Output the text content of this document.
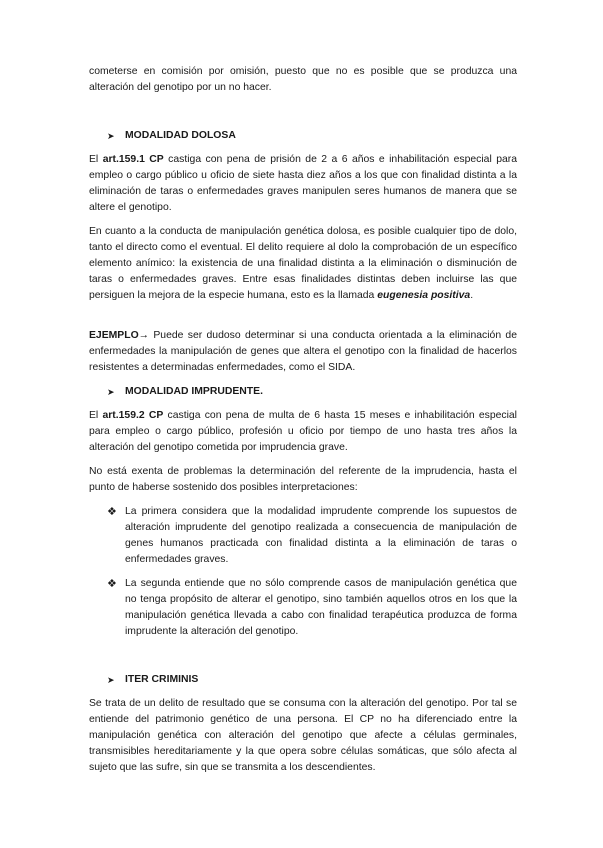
cometerse en comisión por omisión, puesto que no es posible que se produzca una alteración del genotipo por un no hacer.

➤	MODALIDAD DOLOSA

El art.159.1 CP castiga con pena de prisión de 2 a 6 años e inhabilitación especial para empleo o cargo público u oficio de siete hasta diez años a los que con finalidad distinta a la eliminación de taras o enfermedades graves manipulen seres humanos de manera que se altere el genotipo.

En cuanto a la conducta de manipulación genética dolosa, es posible cualquier tipo de dolo, tanto el directo como el eventual. El delito requiere al dolo la comprobación de un específico elemento anímico: la existencia de una finalidad distinta a la eliminación o disminución de taras o enfermedades graves. Entre esas finalidades distintas deben incluirse las que persiguen la mejora de la especie humana, esto es la llamada eugenesia positiva.

EJEMPLO→ Puede ser dudoso determinar si una conducta orientada a la eliminación de enfermedades la manipulación de genes que altera el genotipo con la finalidad de hacerlos resistentes a determinadas enfermedades, como el SIDA.

➤	MODALIDAD IMPRUDENTE.

El art.159.2 CP castiga con pena de multa de 6 hasta 15 meses e inhabilitación especial para empleo o cargo público, profesión u oficio por tiempo de uno hasta tres años la alteración del genotipo cometida por imprudencia grave.

No está exenta de problemas la determinación del referente de la imprudencia, hasta el punto de haberse sostenido dos posibles interpretaciones:

❖ La primera considera que la modalidad imprudente comprende los supuestos de alteración imprudente del genotipo realizada a consecuencia de manipulación de genes humanos practicada con finalidad distinta a la eliminación de taras o enfermedades graves.

❖ La segunda entiende que no sólo comprende casos de manipulación genética que no tenga propósito de alterar el genotipo, sino también aquellos otros en los que la manipulación genética llevada a cabo con finalidad terapéutica produzca de forma imprudente la alteración del genotipo.

➤	ITER CRIMINIS

Se trata de un delito de resultado que se consuma con la alteración del genotipo. Por tal se entiende del patrimonio genético de una persona. El CP no ha diferenciado entre la manipulación genética con alteración del genotipo que afecte a células germinales, transmisibles hereditariamente y la que opera sobre células somáticas, que sólo afecta al sujeto que las sufre, sin que se transmita a los descendientes.
